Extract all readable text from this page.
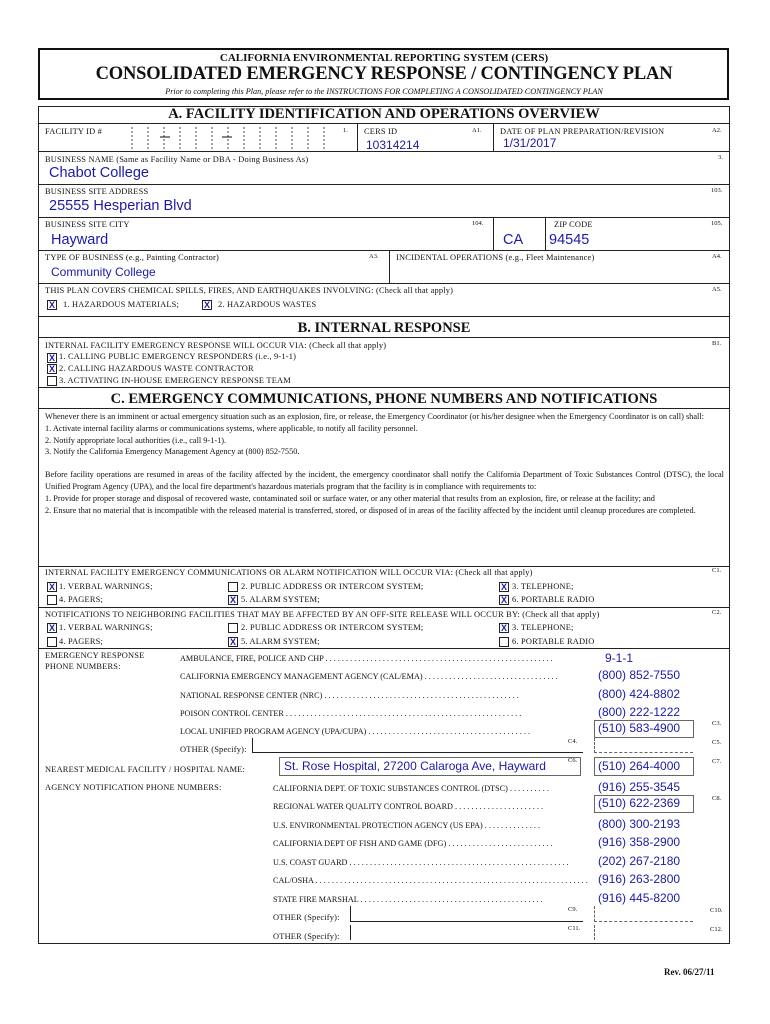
CALIFORNIA ENVIRONMENTAL REPORTING SYSTEM (CERS)
CONSOLIDATED EMERGENCY RESPONSE / CONTINGENCY PLAN
Prior to completing this Plan, please refer to the INSTRUCTIONS FOR COMPLETING A CONSOLIDATED CONTINGENCY PLAN
A. FACILITY IDENTIFICATION AND OPERATIONS OVERVIEW
FACILITY ID #	1. CERS ID	A1.
10314214
DATE OF PLAN PREPARATION/REVISION	A2.
1/31/2017
BUSINESS NAME (Same as Facility Name or DBA - Doing Business As)	3.
Chabot College
BUSINESS SITE ADDRESS	103.
25555 Hesperian Blvd
BUSINESS SITE CITY	104.
Hayward	CA
ZIP CODE	105.
94545
TYPE OF BUSINESS (e.g., Painting Contractor)	A3.
Community College
INCIDENTAL OPERATIONS (e.g., Fleet Maintenance)	A4.
THIS PLAN COVERS CHEMICAL SPILLS, FIRES, AND EARTHQUAKES INVOLVING: (Check all that apply)	A5.
X 1. HAZARDOUS MATERIALS;	X 2. HAZARDOUS WASTES
B. INTERNAL RESPONSE
INTERNAL FACILITY EMERGENCY RESPONSE WILL OCCUR VIA: (Check all that apply)	B1.
X 1. CALLING PUBLIC EMERGENCY RESPONDERS (i.e., 9-1-1)
X 2. CALLING HAZARDOUS WASTE CONTRACTOR
3. ACTIVATING IN-HOUSE EMERGENCY RESPONSE TEAM
C. EMERGENCY COMMUNICATIONS, PHONE NUMBERS AND NOTIFICATIONS
Whenever there is an imminent or actual emergency situation such as an explosion, fire, or release, the Emergency Coordinator (or his/her designee when the Emergency Coordinator is on call) shall:
1. Activate internal facility alarms or communications systems, where applicable, to notify all facility personnel.
2. Notify appropriate local authorities (i.e., call 9-1-1).
3. Notify the California Emergency Management Agency at (800) 852-7550.
Before facility operations are resumed in areas of the facility affected by the incident, the emergency coordinator shall notify the California Department of Toxic Substances Control (DTSC), the local Unified Program Agency (UPA), and the local fire department's hazardous materials program that the facility is in compliance with requirements to:
1. Provide for proper storage and disposal of recovered waste, contaminated soil or surface water, or any other material that results from an explosion, fire, or release at the facility; and
2. Ensure that no material that is incompatible with the released material is transferred, stored, or disposed of in areas of the facility affected by the incident until cleanup procedures are completed.
INTERNAL FACILITY EMERGENCY COMMUNICATIONS OR ALARM NOTIFICATION WILL OCCUR VIA: (Check all that apply)	C1.
X 1. VERBAL WARNINGS;	2. PUBLIC ADDRESS OR INTERCOM SYSTEM;	X 3. TELEPHONE;
4. PAGERS;	X 5. ALARM SYSTEM;	X 6. PORTABLE RADIO
NOTIFICATIONS TO NEIGHBORING FACILITIES THAT MAY BE AFFECTED BY AN OFF-SITE RELEASE WILL OCCUR BY: (Check all that apply)	C2.
X 1. VERBAL WARNINGS;	2. PUBLIC ADDRESS OR INTERCOM SYSTEM;	X 3. TELEPHONE;
4. PAGERS;	X 5. ALARM SYSTEM;	6. PORTABLE RADIO
EMERGENCY RESPONSE
PHONE NUMBERS:
AMBULANCE, FIRE, POLICE AND CHP . . . . . . . . . . . . . . . . . . . . . . . . . . . . . . . . . . . . . . . . . . . . . . . . . . . . . . . .	9-1-1
CALIFORNIA EMERGENCY MANAGEMENT AGENCY (CAL/EMA) . . . . . . . . . . . . . . . . . . . . . . . . . . . . . . . . .	(800) 852-7550
NATIONAL RESPONSE CENTER (NRC) . . . . . . . . . . . . . . . . . . . . . . . . . . . . . . . . . . . . . . . . . . . . . . . .	(800) 424-8802
POISON CONTROL CENTER . . . . . . . . . . . . . . . . . . . . . . . . . . . . . . . . . . . . . . . . . . . . . . . . . . . . . . . . . .	(800) 222-1222
LOCAL UNIFIED PROGRAM AGENCY (UPA/CUPA) . . . . . . . . . . . . . . . . . . . . . . . . . . . . . . . . . . . . . . . .	(510) 583-4900	C3.
OTHER (Specify):
C4.	C5.
NEAREST MEDICAL FACILITY / HOSPITAL NAME:	St. Rose Hospital, 27200 Calaroga Ave, Hayward	C6. (510) 264-4000	C7.
AGENCY NOTIFICATION PHONE NUMBERS:	CALIFORNIA DEPT. OF TOXIC SUBSTANCES CONTROL (DTSC) . . . . . . . . . .	(916) 255-3545
REGIONAL WATER QUALITY CONTROL BOARD . . . . . . . . . . . . . . . . . . . . . .	(510) 622-2369	C8.
U.S. ENVIRONMENTAL PROTECTION AGENCY (US EPA) . . . . . . . . . . . . . .	(800) 300-2193
CALIFORNIA DEPT OF FISH AND GAME (DFG) . . . . . . . . . . . . . . . . . . . . . . . . . .	(916) 358-2900
U.S. COAST GUARD . . . . . . . . . . . . . . . . . . . . . . . . . . . . . . . . . . . . . . . . . . . . . . . . . . . . . .	(202) 267-2180
CAL/OSHA . . . . . . . . . . . . . . . . . . . . . . . . . . . . . . . . . . . . . . . . . . . . . . . . . . . . . . . . . . . . . . . . . . . (916) 263-2800
STATE FIRE MARSHAL . . . . . . . . . . . . . . . . . . . . . . . . . . . . . . . . . . . . . . . . . . . . .	(916) 445-8200
OTHER (Specify):
C9.	C10.
OTHER (Specify):
C11.	C12.
Rev. 06/27/11
